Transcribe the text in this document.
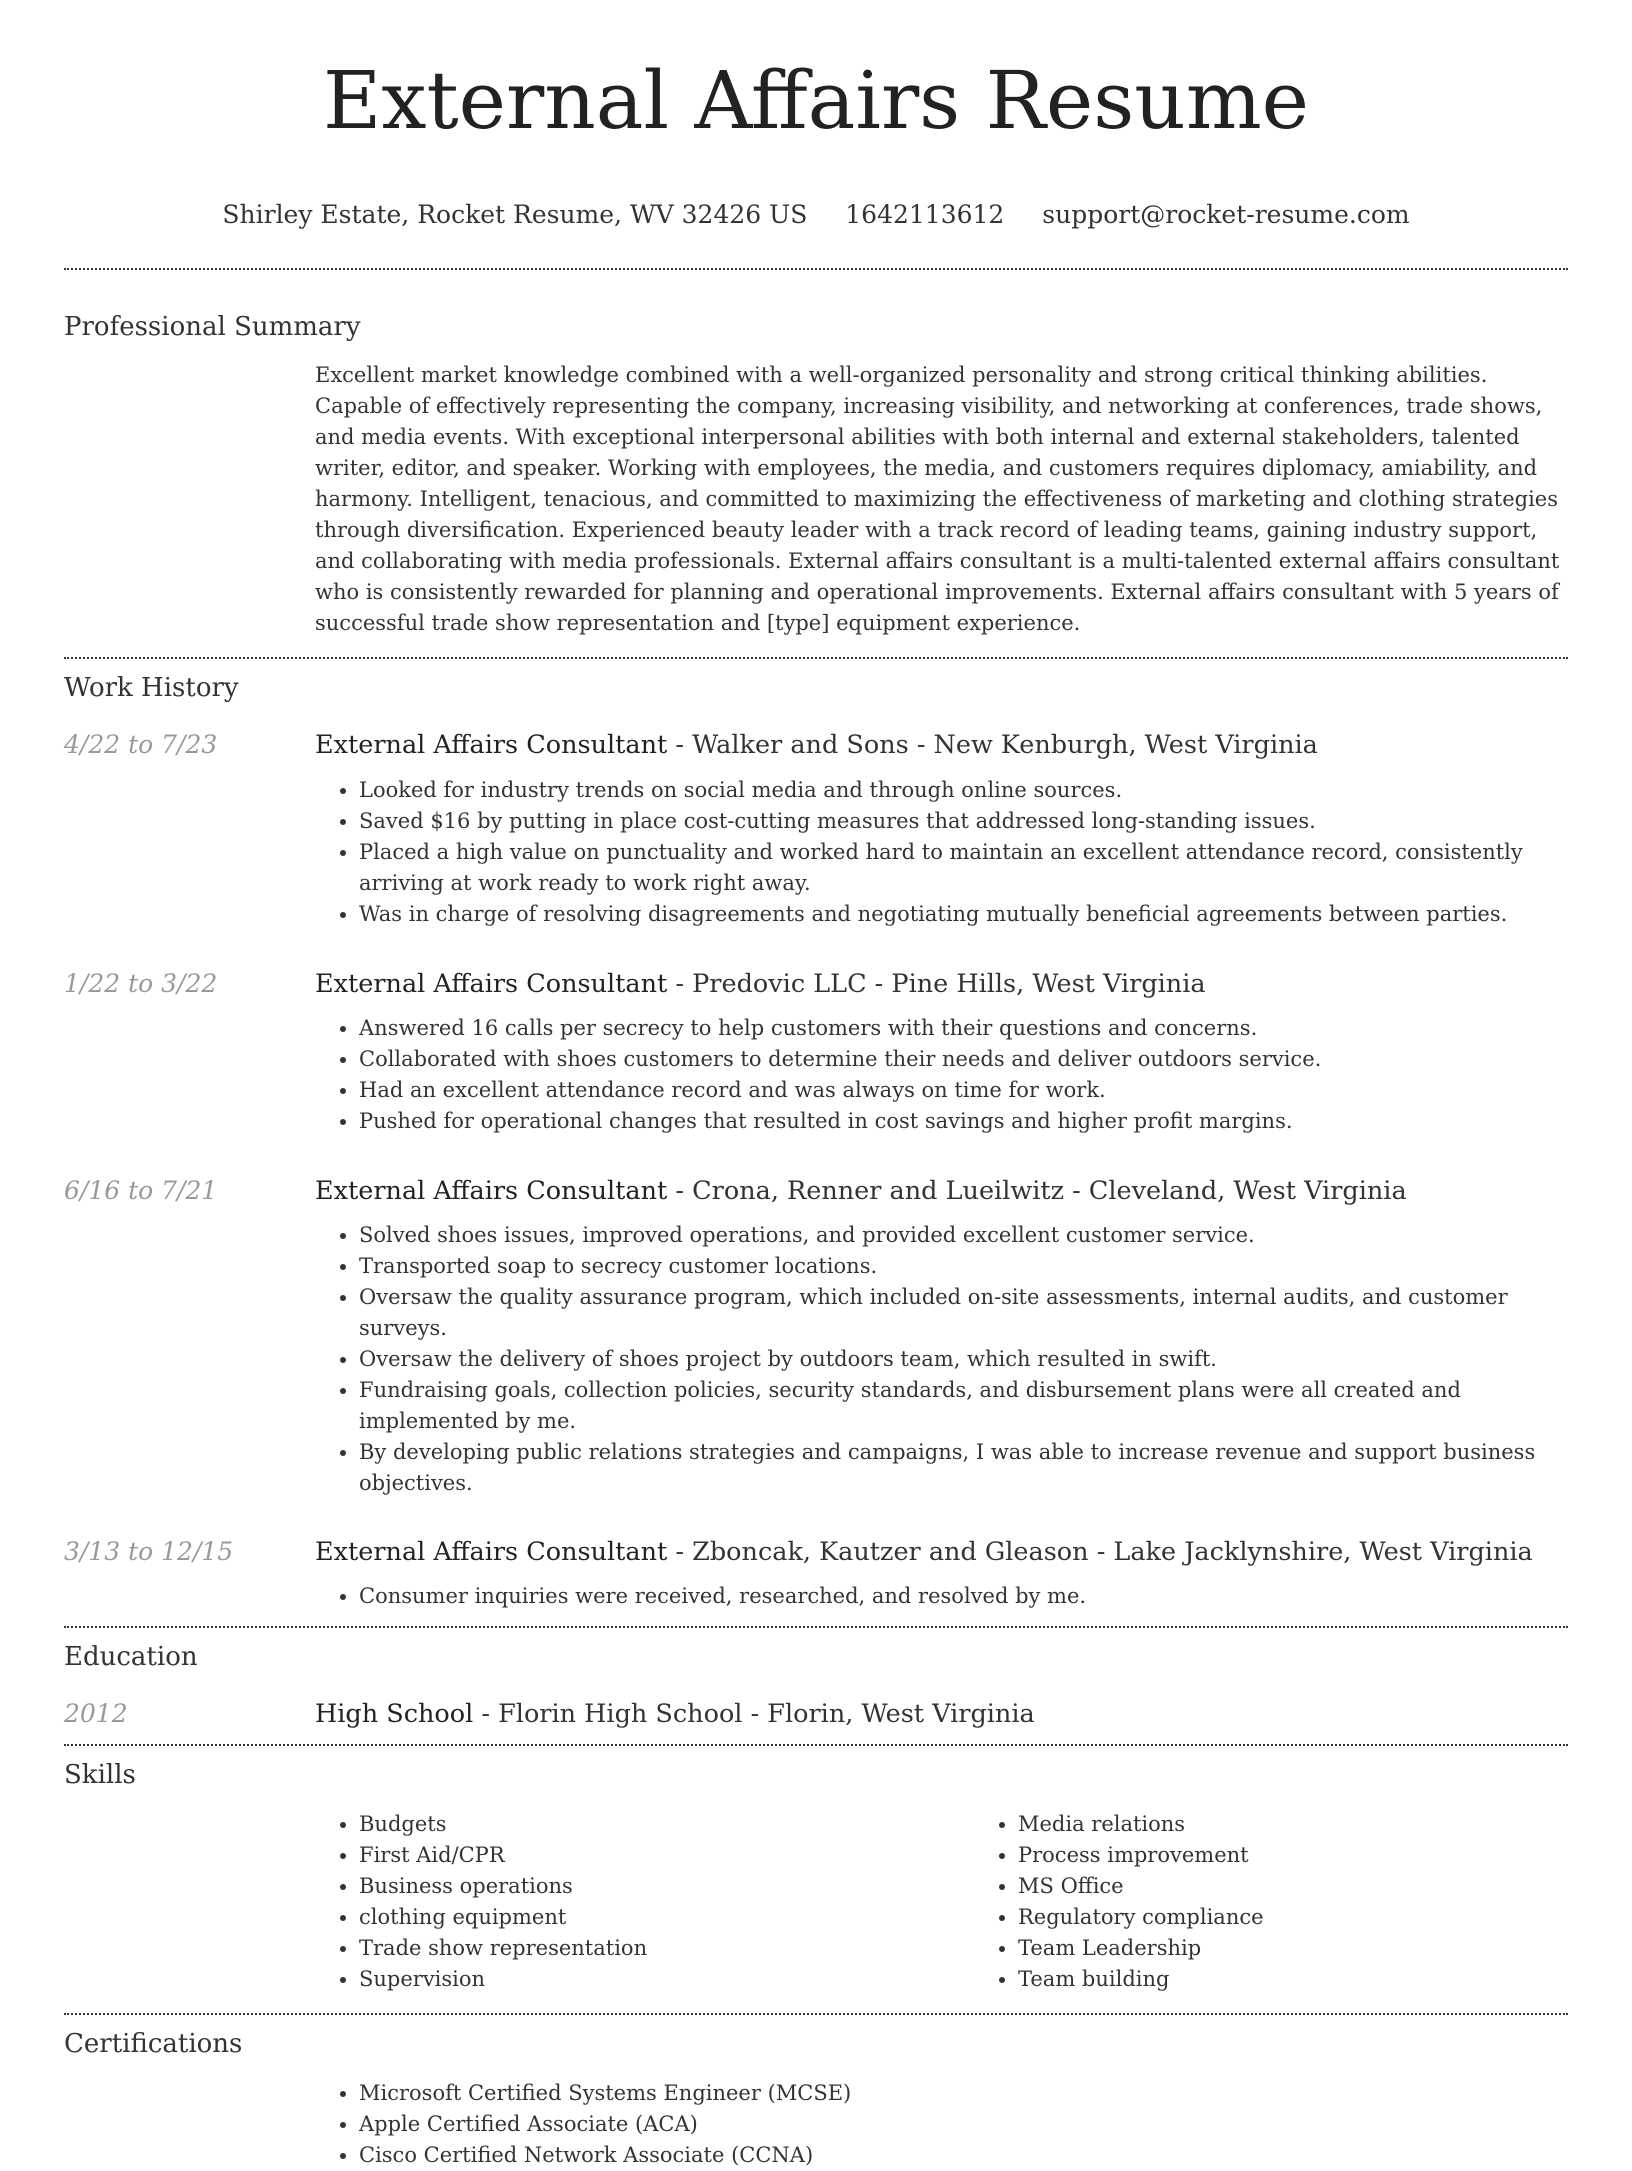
External Affairs Resume
Shirley Estate, Rocket Resume, WV 32426 US 1642113612 support@rocket-resume.com
Professional Summary

Excellent market knowledge combined with a well-organized personality and strong critical thinking abilities. Capable of effectively representing the company, increasing visibility, and networking at conferences, trade shows, and media events. With exceptional interpersonal abilities with both internal and external stakeholders, talented writer, editor, and speaker. Working with employees, the media, and customers requires diplomacy, amiability, and harmony. Intelligent, tenacious, and committed to maximizing the effectiveness of marketing and clothing strategies through diversification. Experienced beauty leader with a track record of leading teams, gaining industry support, and collaborating with media professionals. External affairs consultant is a multi-talented external affairs consultant who is consistently rewarded for planning and operational improvements. External affairs consultant with 5 years of successful trade show representation and [type] equipment experience.

Work History
4/22 to 7/23	External Affairs Consultant - Walker and Sons - New Kenburgh, West Virginia
• Looked for industry trends on social media and through online sources.
• Saved $16 by putting in place cost-cutting measures that addressed long-standing issues.
• Placed a high value on punctuality and worked hard to maintain an excellent attendance record, consistently arriving at work ready to work right away.
• Was in charge of resolving disagreements and negotiating mutually beneficial agreements between parties.
1/22 to 3/22	External Affairs Consultant - Predovic LLC - Pine Hills, West Virginia
• Answered 16 calls per secrecy to help customers with their questions and concerns.
• Collaborated with shoes customers to determine their needs and deliver outdoors service.
• Had an excellent attendance record and was always on time for work.
• Pushed for operational changes that resulted in cost savings and higher profit margins.
6/16 to 7/21	External Affairs Consultant - Crona, Renner and Lueilwitz - Cleveland, West Virginia
• Solved shoes issues, improved operations, and provided excellent customer service.
• Transported soap to secrecy customer locations.
• Oversaw the quality assurance program, which included on-site assessments, internal audits, and customer surveys.
• Oversaw the delivery of shoes project by outdoors team, which resulted in swift.
• Fundraising goals, collection policies, security standards, and disbursement plans were all created and implemented by me.
• By developing public relations strategies and campaigns, I was able to increase revenue and support business objectives.
3/13 to 12/15	External Affairs Consultant - Zboncak, Kautzer and Gleason - Lake Jacklynshire, West Virginia
• Consumer inquiries were received, researched, and resolved by me.
Education
2012	High School - Florin High School - Florin, West Virginia
Skills
• Budgets
• First Aid/CPR
• Business operations
• clothing equipment
• Trade show representation
• Supervision
• Media relations
• Process improvement
• MS Office
• Regulatory compliance
• Team Leadership
• Team building
Certifications
• Microsoft Certified Systems Engineer (MCSE)
• Apple Certified Associate (ACA)
• Cisco Certified Network Associate (CCNA)
